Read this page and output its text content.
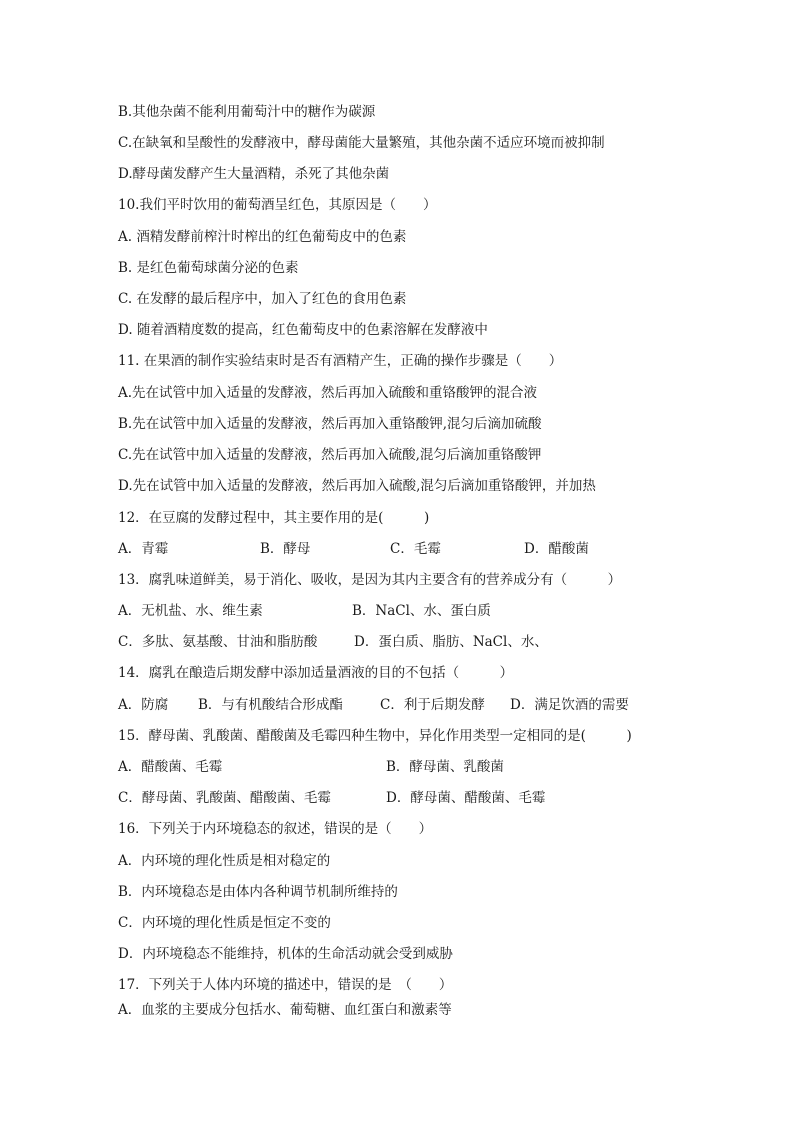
B.其他杂菌不能利用葡萄汁中的糖作为碳源
C.在缺氧和呈酸性的发酵液中，酵母菌能大量繁殖，其他杂菌不适应环境而被抑制
D.酵母菌发酵产生大量酒精，杀死了其他杂菌
10.我们平时饮用的葡萄酒呈红色，其原因是（　　）
A. 酒精发酵前榨汁时榨出的红色葡萄皮中的色素
B. 是红色葡萄球菌分泌的色素
C. 在发酵的最后程序中，加入了红色的食用色素
D. 随着酒精度数的提高，红色葡萄皮中的色素溶解在发酵液中
11. 在果酒的制作实验结束时是否有酒精产生，正确的操作步骤是（　　）
A.先在试管中加入适量的发酵液，然后再加入硫酸和重铬酸钾的混合液
B.先在试管中加入适量的发酵液，然后再加入重铬酸钾,混匀后滴加硫酸
C.先在试管中加入适量的发酵液，然后再加入硫酸,混匀后滴加重铬酸钾
D.先在试管中加入适量的发酵液，然后再加入硫酸,混匀后滴加重铬酸钾，并加热
12．在豆腐的发酵过程中，其主要作用的是(　　　)
A．青霉	B．酵母	C．毛霉	D．醋酸菌
13．腐乳味道鲜美，易于消化、吸收，是因为其内主要含有的营养成分有（　　　）
A．无机盐、水、维生素	B．NaCl、水、蛋白质
C．多肽、氨基酸、甘油和脂肪酸	D．蛋白质、脂肪、NaCl、水、
14．腐乳在酿造后期发酵中添加适量酒液的目的不包括（　　　）
A．防腐 B．与有机酸结合形成酯	C．利于后期发酵 D．满足饮酒的需要
15．酵母菌、乳酸菌、醋酸菌及毛霉四种生物中，异化作用类型一定相同的是(　　　)
A．醋酸菌、毛霉	B．酵母菌、乳酸菌
C．酵母菌、乳酸菌、醋酸菌、毛霉	D．酵母菌、醋酸菌、毛霉
16．下列关于内环境稳态的叙述，错误的是（　　）
A．内环境的理化性质是相对稳定的
B．内环境稳态是由体内各种调节机制所维持的
C．内环境的理化性质是恒定不变的
D．内环境稳态不能维持，机体的生命活动就会受到威胁
17．下列关于人体内环境的描述中，错误的是　（　　）
A．血浆的主要成分包括水、葡萄糖、血红蛋白和激素等
